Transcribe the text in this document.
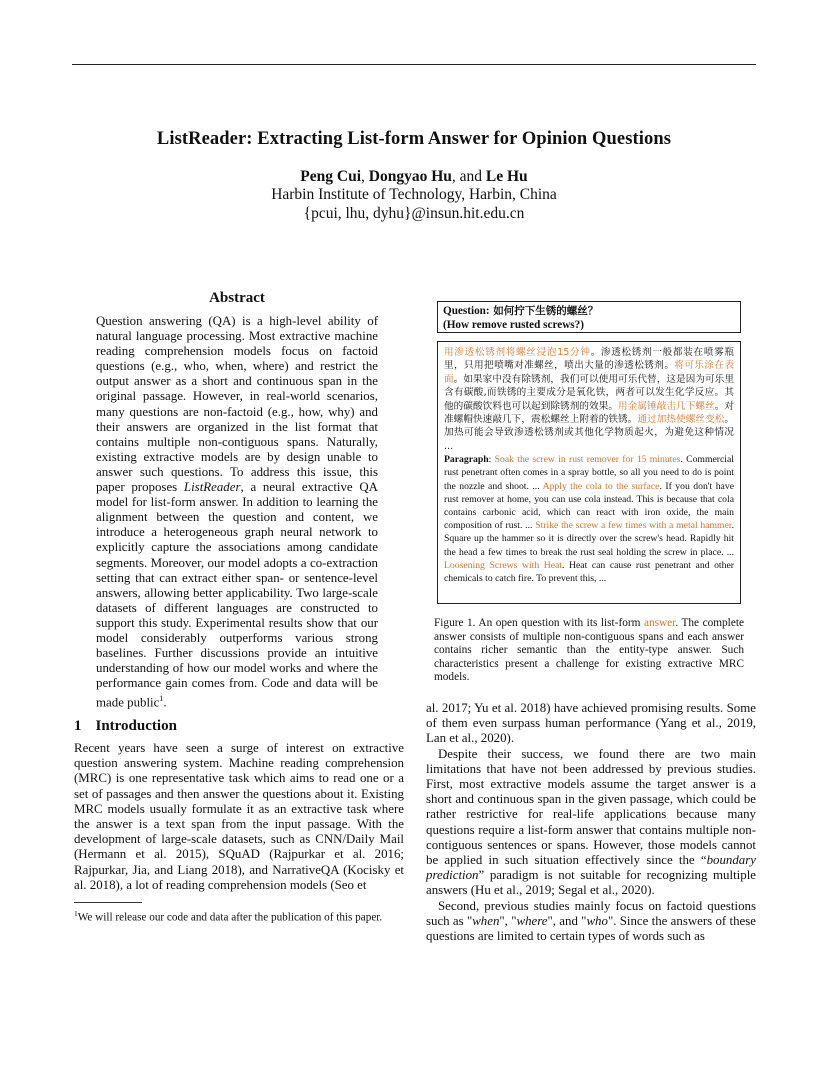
ListReader: Extracting List-form Answer for Opinion Questions
Peng Cui, Dongyao Hu, and Le Hu
Harbin Institute of Technology, Harbin, China
{pcui, lhu, dyhu}@insun.hit.edu.cn
Abstract
Question answering (QA) is a high-level ability of natural language processing. Most extractive machine reading comprehension models focus on factoid questions (e.g., who, when, where) and restrict the output answer as a short and continuous span in the original passage. However, in real-world scenarios, many questions are non-factoid (e.g., how, why) and their answers are organized in the list format that contains multiple non-contiguous spans. Naturally, existing extractive models are by design unable to answer such questions. To address this issue, this paper proposes ListReader, a neural extractive QA model for list-form answer. In addition to learning the alignment between the question and content, we introduce a heterogeneous graph neural network to explicitly capture the associations among candidate segments. Moreover, our model adopts a co-extraction setting that can extract either span- or sentence-level answers, allowing better applicability. Two large-scale datasets of different languages are constructed to support this study. Experimental results show that our model considerably outperforms various strong baselines. Further discussions provide an intuitive understanding of how our model works and where the performance gain comes from. Code and data will be made public$^1$.
1 Introduction
Recent years have seen a surge of interest on extractive question answering system. Machine reading comprehension (MRC) is one representative task which aims to read one or a set of passages and then answer the questions about it. Existing MRC models usually formulate it as an extractive task where the answer is a text span from the input passage. With the development of large-scale datasets, such as CNN/Daily Mail (Hermann et al. 2015), SQuAD (Rajpurkar et al. 2016; Rajpurkar, Jia, and Liang 2018), and NarrativeQA (Kocisky et al. 2018), a lot of reading comprehension models (Seo et
$^1$We will release our code and data after the publication of this paper.
Question: 如何拧下生锈的螺丝？
(How remove rusted screws?)
用渗透松锈剂将螺丝浸泡15分钟。渗透松锈剂一般都装在喷雾瓶里，只用把喷嘴对准螺丝，喷出大量的渗透松锈剂。将可乐涂在表面。如果家中没有除锈剂，我们可以使用可乐代替，这是因为可乐里含有碳酸,而铁锈的主要成分是氧化铁，两者可以发生化学反应。其他的碳酸饮料也可以起到除锈剂的效果。用金属锤敲击几下螺丝。对准螺帽快速敲几下，震松螺丝上附着的铁锈。通过加热使螺丝变松。加热可能会导致渗透松锈剂或其他化学物质起火，为避免这种情况 ...
Paragraph: Soak the screw in rust remover for 15 minutes. Commercial rust penetrant often comes in a spray bottle, so all you need to do is point the nozzle and shoot. ... Apply the cola to the surface. If you don't have rust remover at home, you can use cola instead. This is because that cola contains carbonic acid, which can react with iron oxide, the main composition of rust. ... Strike the screw a few times with a metal hammer. Square up the hammer so it is directly over the screw's head. Rapidly hit the head a few times to break the rust seal holding the screw in place. ... Loosening Screws with Heat. Heat can cause rust penetrant and other chemicals to catch fire. To prevent this, ...
Figure 1. An open question with its list-form answer. The complete answer consists of multiple non-contiguous spans and each answer contains richer semantic than the entity-type answer. Such characteristics present a challenge for existing extractive MRC models.

al. 2017; Yu et al. 2018) have achieved promising results. Some of them even surpass human performance (Yang et al., 2019, Lan et al., 2020).

Despite their success, we found there are two main limitations that have not been addressed by previous studies. First, most extractive models assume the target answer is a short and continuous span in the given passage, which could be rather restrictive for real-life applications because many questions require a list-form answer that contains multiple non-contiguous sentences or spans. However, those models cannot be applied in such situation effectively since the “boundary prediction” paradigm is not suitable for recognizing multiple answers (Hu et al., 2019; Segal et al., 2020).

Second, previous studies mainly focus on factoid questions such as "when", "where", and "who". Since the answers of these questions are limited to certain types of words such as
